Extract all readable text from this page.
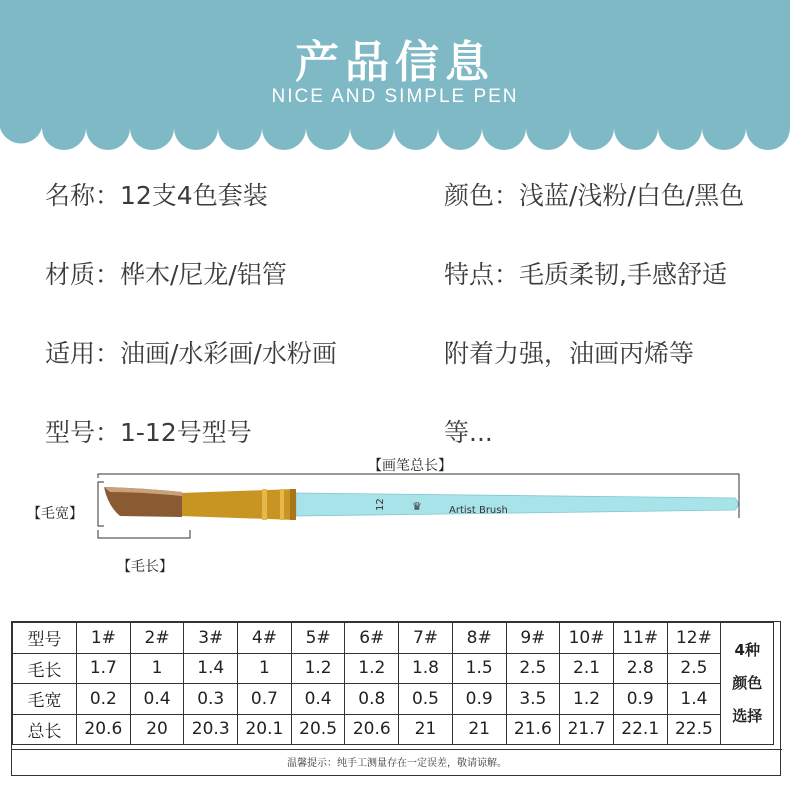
产品信息
NICE AND SIMPLE PEN
名称：12支4色套装	颜色：浅蓝/浅粉/白色/黑色
材质：桦木/尼龙/铝管	特点：毛质柔韧,手感舒适
适用：油画/水彩画/水粉画	附着力强，油画丙烯等
型号：1-12号型号	等...
【画笔总长】
【毛宽】
【毛长】
12 ♛	Artist Brush
型号	1#	2#	3#	4#	5#	6#	7#	8#	9#	10#	11#	12#	4种
颜色
选择

毛长	1.7	1	1.4	1	1.2	1.2	1.8	1.5	2.5	2.1	2.8	2.5	
毛宽	0.2	0.4	0.3	0.7	0.4	0.8	0.5	0.9	3.5	1.2	0.9	1.4	
总长	20.6	20	20.3	20.1	20.5	20.6	21	21	21.6	21.7	22.1	22.5	
温馨提示：纯手工测量存在一定误差，敬请谅解。
